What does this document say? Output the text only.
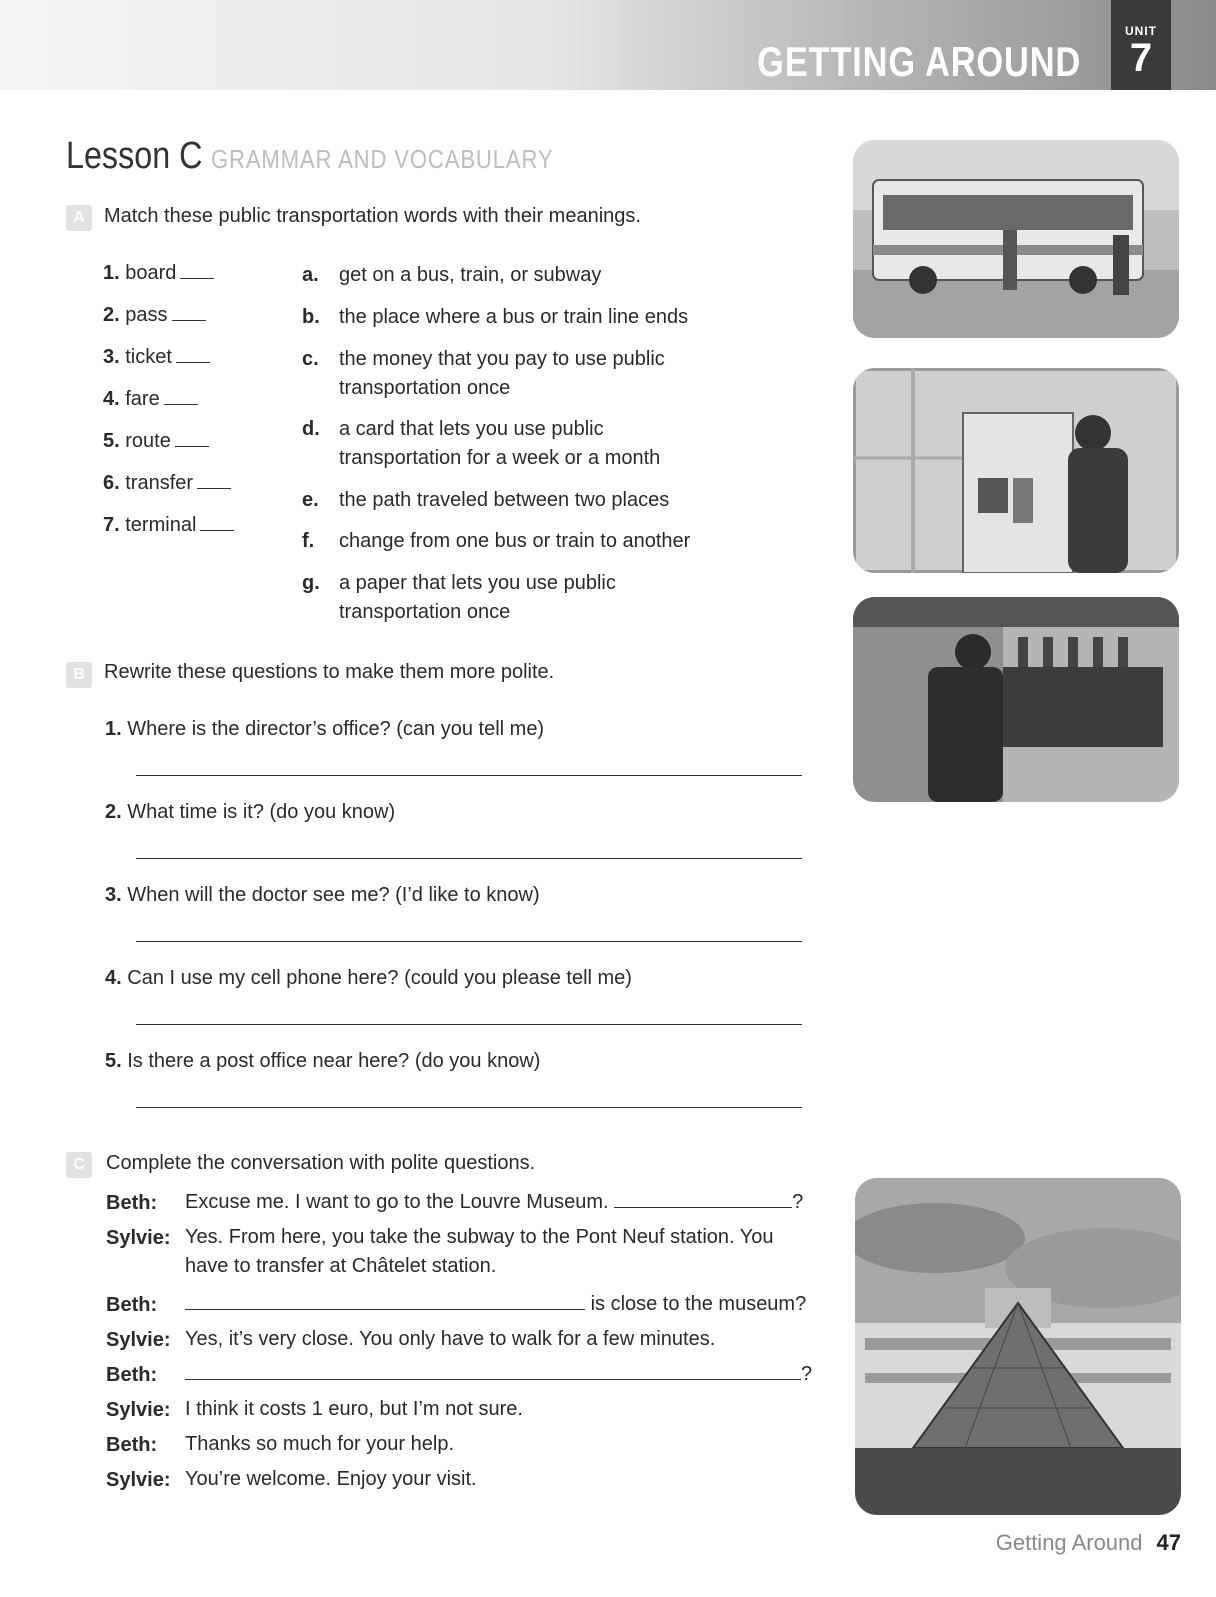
GETTING AROUND
UNIT
7
Lesson C GRAMMAR AND VOCABULARY
A Match these public transportation words with their meanings.
1. board
2. pass
3. ticket
4. fare
5. route
6. transfer
7. terminal
a. get on a bus, train, or subway
b. the place where a bus or train line ends
c. the money that you pay to use public
transportation once
d. a card that lets you use public
transportation for a week or a month
e. the path traveled between two places
f. change from one bus or train to another
g. a paper that lets you use public
transportation once
B Rewrite these questions to make them more polite.
1. Where is the director’s office? (can you tell me)
2. What time is it? (do you know)
3. When will the doctor see me? (I’d like to know)
4. Can I use my cell phone here? (could you please tell me)
5. Is there a post office near here? (do you know)
C	Complete the conversation with polite questions.
Beth: Excuse me. I want to go to the Louvre Museum.	?
Sylvie: Yes. From here, you take the subway to the Pont Neuf station. You
have to transfer at Châtelet station.
Beth:	is close to the museum?
Sylvie: Yes, it’s very close. You only have to walk for a few minutes.
Beth:	?
Sylvie: I think it costs 1 euro, but I’m not sure.
Beth: Thanks so much for your help.
Sylvie: You’re welcome. Enjoy your visit.
Getting Around 47
